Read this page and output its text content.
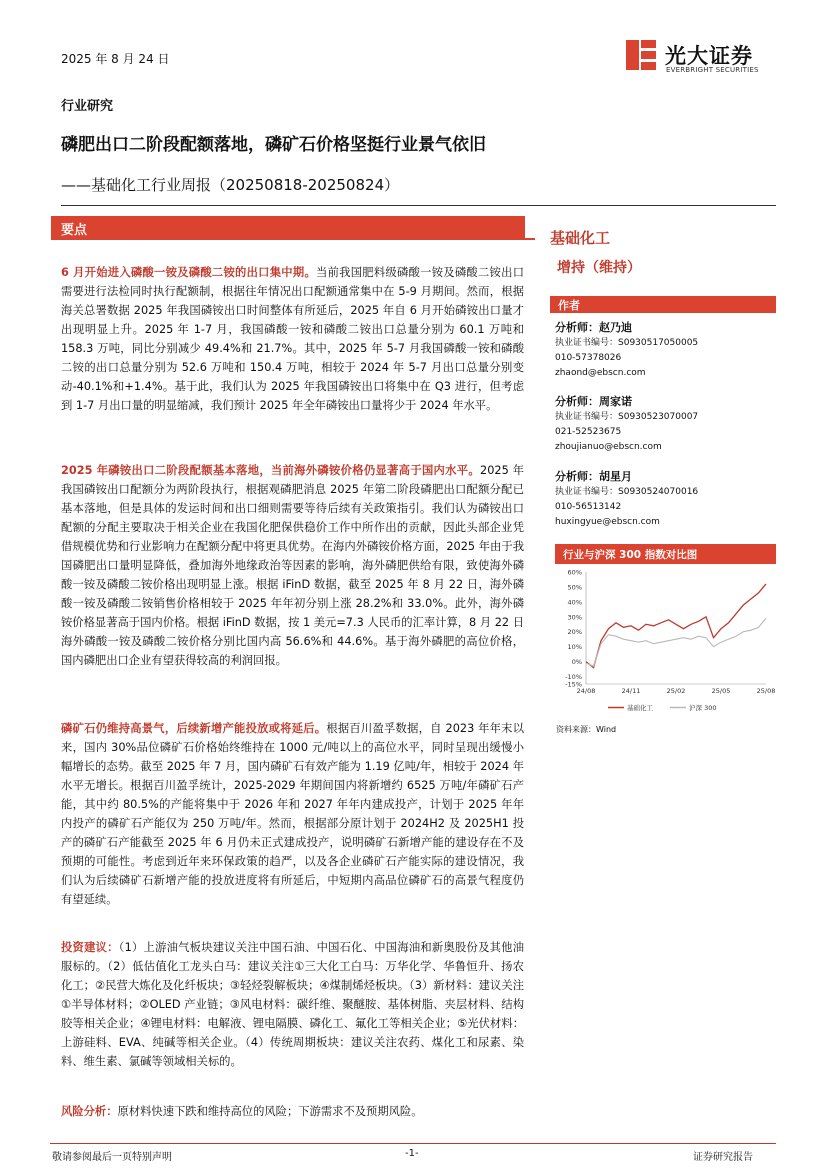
2025 年 8 月 24 日	光大证券
EVERBRIGHT SECURITIES
行业研究
磷肥出口二阶段配额落地，磷矿石价格坚挺行业景气依旧
——基础化工行业周报（20250818-20250824）
要点

6 月开始进入磷酸一铵及磷酸二铵的出口集中期。当前我国肥料级磷酸一铵及磷酸二铵出口需要进行法检同时执行配额制，根据往年情况出口配额通常集中在 5-9 月期间。然而，根据海关总署数据 2025 年我国磷铵出口时间整体有所延后，2025 年自 6 月开始磷铵出口量才出现明显上升。2025 年 1-7 月，我国磷酸一铵和磷酸二铵出口总量分别为 60.1 万吨和 158.3 万吨，同比分别减少 49.4%和 21.7%。其中，2025 年 5-7 月我国磷酸一铵和磷酸二铵的出口总量分别为 52.6 万吨和 150.4 万吨，相较于 2024 年 5-7 月出口总量分别变动-40.1%和+1.4%。基于此，我们认为 2025 年我国磷铵出口将集中在 Q3 进行，但考虑到 1-7 月出口量的明显缩减，我们预计 2025 年全年磷铵出口量将少于 2024 年水平。

2025 年磷铵出口二阶段配额基本落地，当前海外磷铵价格仍显著高于国内水平。2025 年我国磷铵出口配额分为两阶段执行，根据观磷肥消息 2025 年第二阶段磷肥出口配额分配已基本落地，但是具体的发运时间和出口细则需要等待后续有关政策指引。我们认为磷铵出口配额的分配主要取决于相关企业在我国化肥保供稳价工作中所作出的贡献，因此头部企业凭借规模优势和行业影响力在配额分配中将更具优势。在海内外磷铵价格方面，2025 年由于我国磷肥出口量明显降低，叠加海外地缘政治等因素的影响，海外磷肥供给有限，致使海外磷酸一铵及磷酸二铵价格出现明显上涨。根据 iFinD 数据，截至 2025 年 8 月 22 日，海外磷酸一铵及磷酸二铵销售价格相较于 2025 年年初分别上涨 28.2%和 33.0%。此外，海外磷铵价格显著高于国内价格。根据 iFinD 数据，按 1 美元=7.3 人民币的汇率计算，8 月 22 日海外磷酸一铵及磷酸二铵价格分别比国内高 56.6%和 44.6%。基于海外磷肥的高位价格，国内磷肥出口企业有望获得较高的利润回报。

磷矿石仍维持高景气，后续新增产能投放或将延后。根据百川盈孚数据，自 2023 年年末以来，国内 30%品位磷矿石价格始终维持在 1000 元/吨以上的高位水平，同时呈现出缓慢小幅增长的态势。截至 2025 年 7 月，国内磷矿石有效产能为 1.19 亿吨/年，相较于 2024 年水平无增长。根据百川盈孚统计，2025-2029 年期间国内将新增约 6525 万吨/年磷矿石产能，其中约 80.5%的产能将集中于 2026 年和 2027 年年内建成投产，计划于 2025 年年内投产的磷矿石产能仅为 250 万吨/年。然而，根据部分原计划于 2024H2 及 2025H1 投产的磷矿石产能截至 2025 年 6 月仍未正式建成投产，说明磷矿石新增产能的建设存在不及预期的可能性。考虑到近年来环保政策的趋严，以及各企业磷矿石产能实际的建设情况，我们认为后续磷矿石新增产能的投放进度将有所延后，中短期内高品位磷矿石的高景气程度仍有望延续。

投资建议：（1）上游油气板块建议关注中国石油、中国石化、中国海油和新奥股份及其他油服标的。（2）低估值化工龙头白马：建议关注①三大化工白马：万华化学、华鲁恒升、扬农化工；②民营大炼化及化纤板块；③轻烃裂解板块；④煤制烯烃板块。（3）新材料：建议关注①半导体材料；②OLED 产业链；③风电材料：碳纤维、聚醚胺、基体树脂、夹层材料、结构胶等相关企业；④锂电材料：电解液、锂电隔膜、磷化工、氟化工等相关企业；⑤光伏材料：上游硅料、EVA、纯碱等相关企业。（4）传统周期板块：建议关注农药、煤化工和尿素、染料、维生素、氯碱等领域相关标的。

风险分析：原材料快速下跌和维持高位的风险；下游需求不及预期风险。

基础化工
增持（维持）
作者
分析师：赵乃迪
执业证书编号：S0930517050005
010-57378026
zhaond@ebscn.com
分析师：周家诺
执业证书编号：S0930523070007
021-52523675
zhoujianuo@ebscn.com
分析师：胡星月
执业证书编号：S0930524070016
010-56513142
huxingyue@ebscn.com
行业与沪深 300 指数对比图
60%
50%
40%
30%
20%
10%
0%
-10%
-15%
24/08	24/11	25/02	25/05	25/08
基础化工	沪深 300
资料来源：Wind
敬请参阅最后一页特别声明	-1-	证券研究报告
